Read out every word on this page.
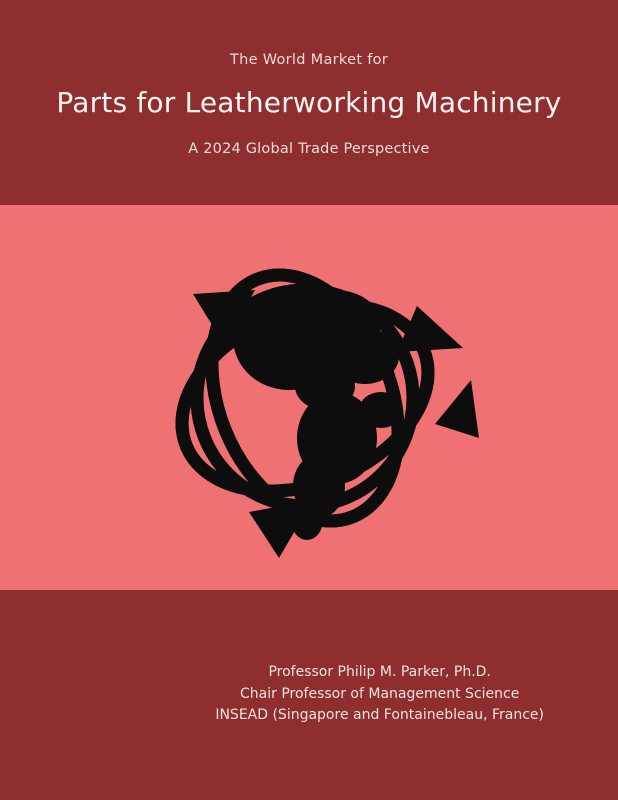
The World Market for
Parts for Leatherworking Machinery
A 2024 Global Trade Perspective
Professor Philip M. Parker, Ph.D.
Chair Professor of Management Science
INSEAD (Singapore and Fontainebleau, France)
